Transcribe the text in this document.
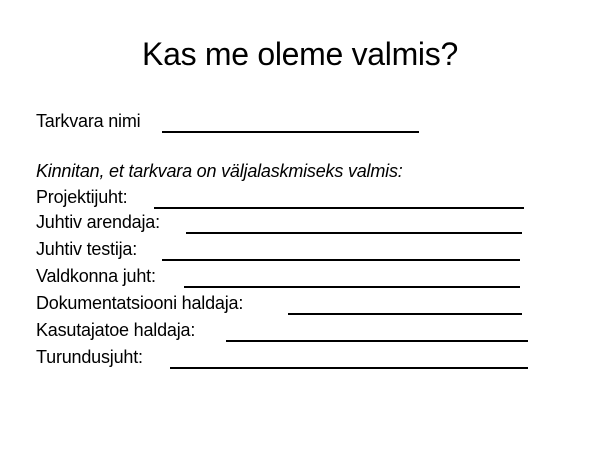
Kas me oleme valmis?
Tarkvara nimi
Kinnitan, et tarkvara on väljalaskmiseks valmis:
Projektijuht:
Juhtiv arendaja:
Juhtiv testija:
Valdkonna juht:
Dokumentatsiooni haldaja:
Kasutajatoe haldaja:
Turundusjuht:
